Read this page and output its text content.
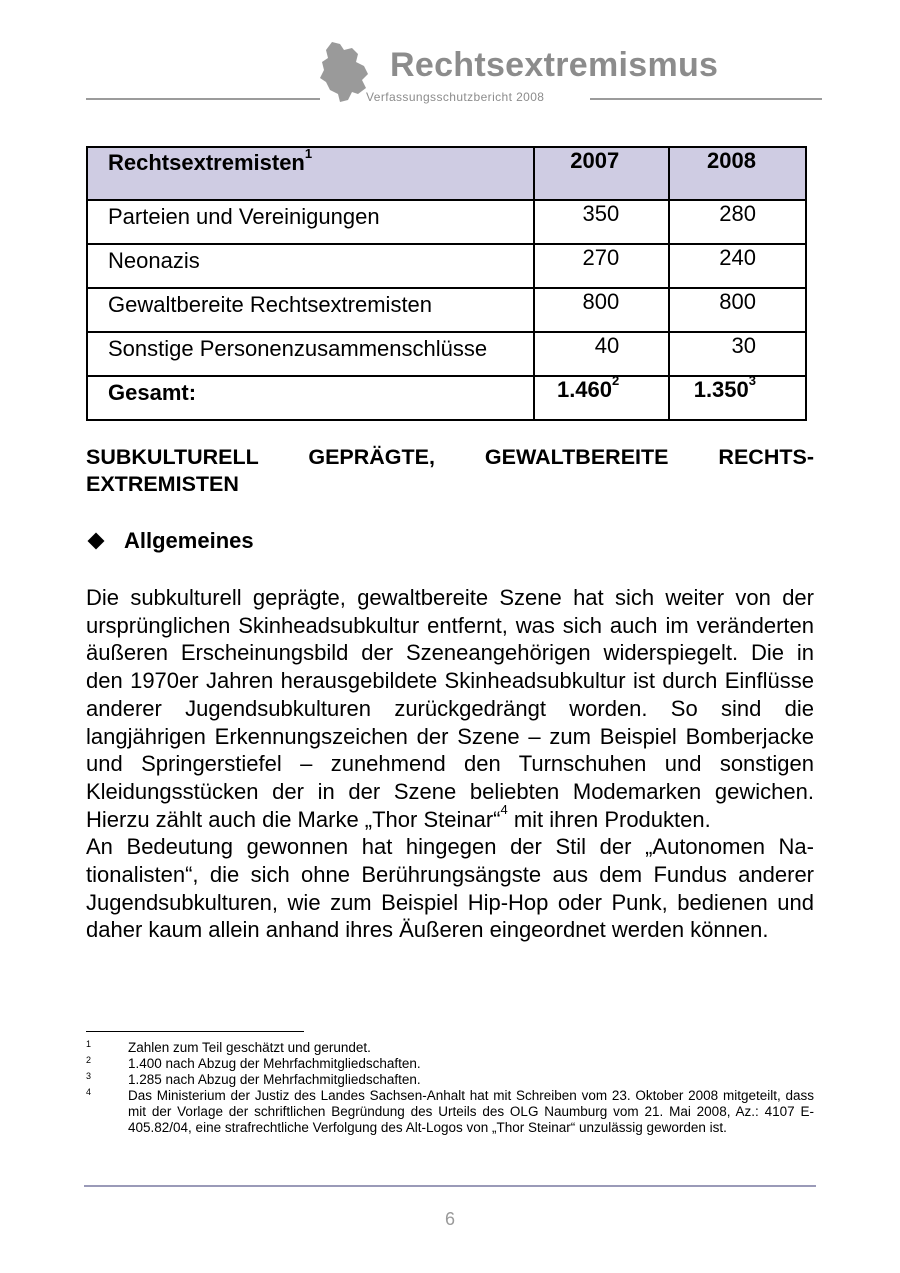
Rechtsextremismus
Verfassungsschutzbericht 2008
Rechtsextremisten$^1$	2007	2008
Parteien und Vereinigungen	350	280
Neonazis	270	240
Gewaltbereite Rechtsextremisten	800	800
Sonstige Personenzusammenschlüsse	40	30
Gesamt:	1.460$^2$	1.350$^3$
SUBKULTURELL GEPRÄGTE, GEWALTBEREITE RECHTS-
EXTREMISTEN
Allgemeines

Die subkulturell geprägte, gewaltbereite Szene hat sich weiter von der ursprünglichen Skinheadsubkultur entfernt, was sich auch im veränderten äußeren Erscheinungsbild der Szeneangehörigen widerspiegelt. Die in den 1970er Jahren herausgebildete Skinheadsubkultur ist durch Einflüsse anderer Jugendsubkulturen zurückgedrängt worden. So sind die langjährigen Erkennungszeichen der Szene – zum Beispiel Bomberjacke und Springerstiefel – zunehmend den Turnschuhen und sonstigen Kleidungsstücken der in der Szene beliebten Modemarken gewichen. Hierzu zählt auch die Marke „Thor Steinar“$^4$ mit ihren Produkten.

An Bedeutung gewonnen hat hingegen der Stil der „Autonomen Nationalisten“, die sich ohne Berührungsängste aus dem Fundus anderer Jugendsubkulturen, wie zum Beispiel Hip-Hop oder Punk, bedienen und daher kaum allein anhand ihres Äußeren eingeordnet werden können.

1	Zahlen zum Teil geschätzt und gerundet.
2	1.400 nach Abzug der Mehrfachmitgliedschaften.
3	1.285 nach Abzug der Mehrfachmitgliedschaften.
4	Das Ministerium der Justiz des Landes Sachsen-Anhalt hat mit Schreiben vom 23. Oktober 2008 mitgeteilt, dass mit der Vorlage der schriftlichen Begründung des Urteils des OLG Naumburg vom 21. Mai 2008, Az.: 4107 E-405.82/04, eine strafrechtliche Verfolgung des Alt-Logos von „Thor Steinar“ unzulässig geworden ist.
6
